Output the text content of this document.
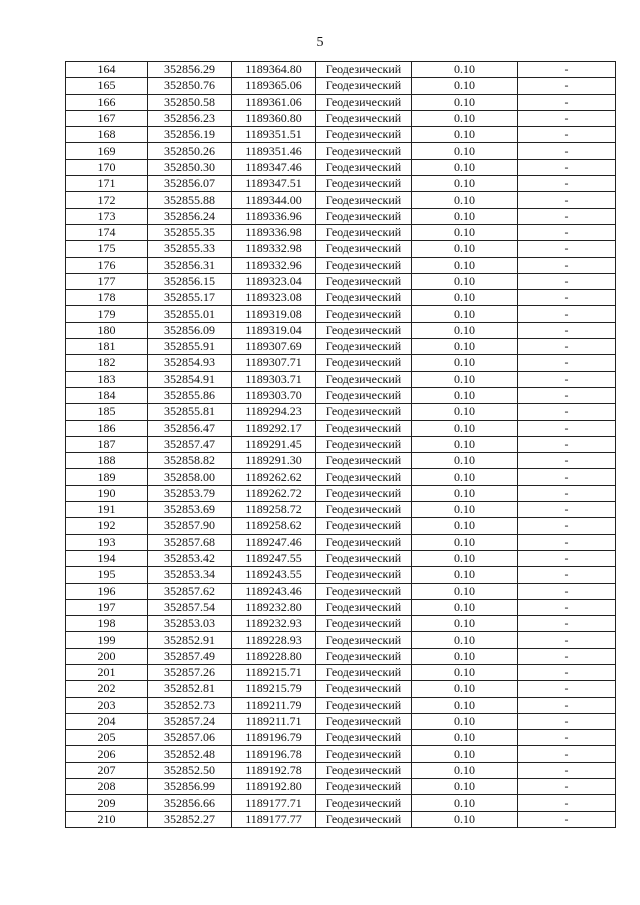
5
164	352856.29	1189364.80	Геодезический	0.10	-
165	352850.76	1189365.06	Геодезический	0.10	-
166	352850.58	1189361.06	Геодезический	0.10	-
167	352856.23	1189360.80	Геодезический	0.10	-
168	352856.19	1189351.51	Геодезический	0.10	-
169	352850.26	1189351.46	Геодезический	0.10	-
170	352850.30	1189347.46	Геодезический	0.10	-
171	352856.07	1189347.51	Геодезический	0.10	-
172	352855.88	1189344.00	Геодезический	0.10	-
173	352856.24	1189336.96	Геодезический	0.10	-
174	352855.35	1189336.98	Геодезический	0.10	-
175	352855.33	1189332.98	Геодезический	0.10	-
176	352856.31	1189332.96	Геодезический	0.10	-
177	352856.15	1189323.04	Геодезический	0.10	-
178	352855.17	1189323.08	Геодезический	0.10	-
179	352855.01	1189319.08	Геодезический	0.10	-
180	352856.09	1189319.04	Геодезический	0.10	-
181	352855.91	1189307.69	Геодезический	0.10	-
182	352854.93	1189307.71	Геодезический	0.10	-
183	352854.91	1189303.71	Геодезический	0.10	-
184	352855.86	1189303.70	Геодезический	0.10	-
185	352855.81	1189294.23	Геодезический	0.10	-
186	352856.47	1189292.17	Геодезический	0.10	-
187	352857.47	1189291.45	Геодезический	0.10	-
188	352858.82	1189291.30	Геодезический	0.10	-
189	352858.00	1189262.62	Геодезический	0.10	-
190	352853.79	1189262.72	Геодезический	0.10	-
191	352853.69	1189258.72	Геодезический	0.10	-
192	352857.90	1189258.62	Геодезический	0.10	-
193	352857.68	1189247.46	Геодезический	0.10	-
194	352853.42	1189247.55	Геодезический	0.10	-
195	352853.34	1189243.55	Геодезический	0.10	-
196	352857.62	1189243.46	Геодезический	0.10	-
197	352857.54	1189232.80	Геодезический	0.10	-
198	352853.03	1189232.93	Геодезический	0.10	-
199	352852.91	1189228.93	Геодезический	0.10	-
200	352857.49	1189228.80	Геодезический	0.10	-
201	352857.26	1189215.71	Геодезический	0.10	-
202	352852.81	1189215.79	Геодезический	0.10	-
203	352852.73	1189211.79	Геодезический	0.10	-
204	352857.24	1189211.71	Геодезический	0.10	-
205	352857.06	1189196.79	Геодезический	0.10	-
206	352852.48	1189196.78	Геодезический	0.10	-
207	352852.50	1189192.78	Геодезический	0.10	-
208	352856.99	1189192.80	Геодезический	0.10	-
209	352856.66	1189177.71	Геодезический	0.10	-
210	352852.27	1189177.77	Геодезический	0.10	-
